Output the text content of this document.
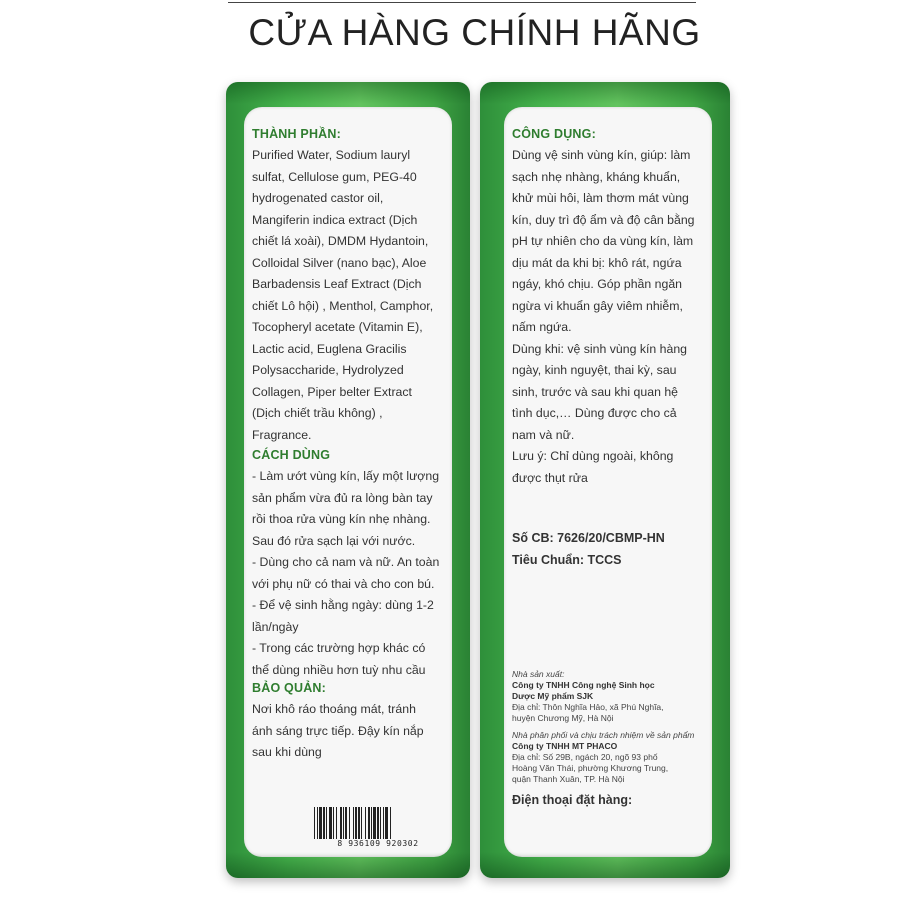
CỬA HÀNG CHÍNH HÃNG
THÀNH PHẦN:
Purified Water, Sodium lauryl
sulfat, Cellulose gum, PEG-40
hydrogenated castor oil,
Mangiferin indica extract (Dịch
chiết lá xoài), DMDM Hydantoin,
Colloidal Silver (nano bạc), Aloe
Barbadensis Leaf Extract (Dịch
chiết Lô hội) , Menthol, Camphor,
Tocopheryl acetate (Vitamin E),
Lactic acid, Euglena Gracilis
Polysaccharide, Hydrolyzed
Collagen, Piper belter Extract
(Dịch chiết trầu không) ,
Fragrance.
CÁCH DÙNG
- Làm ướt vùng kín, lấy một lượng
sản phẩm vừa đủ ra lòng bàn tay
rồi thoa rửa vùng kín nhẹ nhàng.
Sau đó rửa sạch lại với nước.
- Dùng cho cả nam và nữ. An toàn
với phụ nữ có thai và cho con bú.
- Để vệ sinh hằng ngày: dùng 1-2
lần/ngày
- Trong các trường hợp khác có
thể dùng nhiều hơn tuỳ nhu cầu
BẢO QUẢN:
Nơi khô ráo thoáng mát, tránh
ánh sáng trực tiếp. Đậy kín nắp
sau khi dùng
8 936109 920302
CÔNG DỤNG:
Dùng vệ sinh vùng kín, giúp: làm
sạch nhẹ nhàng, kháng khuẩn,
khử mùi hôi, làm thơm mát vùng
kín, duy trì độ ẩm và độ cân bằng
pH tự nhiên cho da vùng kín, làm
dịu mát da khi bị: khô rát, ngứa
ngáy, khó chịu. Góp phần ngăn
ngừa vi khuẩn gây viêm nhiễm,
nấm ngứa.
Dùng khi: vệ sinh vùng kín hàng
ngày, kinh nguyệt, thai kỳ, sau
sinh, trước và sau khi quan hệ
tình dục,… Dùng được cho cả
nam và nữ.
Lưu ý: Chỉ dùng ngoài, không
được thụt rửa
Số CB: 7626/20/CBMP-HN
Tiêu Chuẩn: TCCS
Nhà sản xuất:
Công ty TNHH Công nghệ Sinh học
Dược Mỹ phẩm SJK
Địa chỉ: Thôn Nghĩa Hảo, xã Phú Nghĩa,
huyện Chương Mỹ, Hà Nội
Nhà phân phối và chịu trách nhiệm về sản phẩm
Công ty TNHH MT PHACO
Địa chỉ: Số 29B, ngách 20, ngõ 93 phố
Hoàng Văn Thái, phường Khương Trung,
quận Thanh Xuân, TP. Hà Nội
Điện thoại đặt hàng:
